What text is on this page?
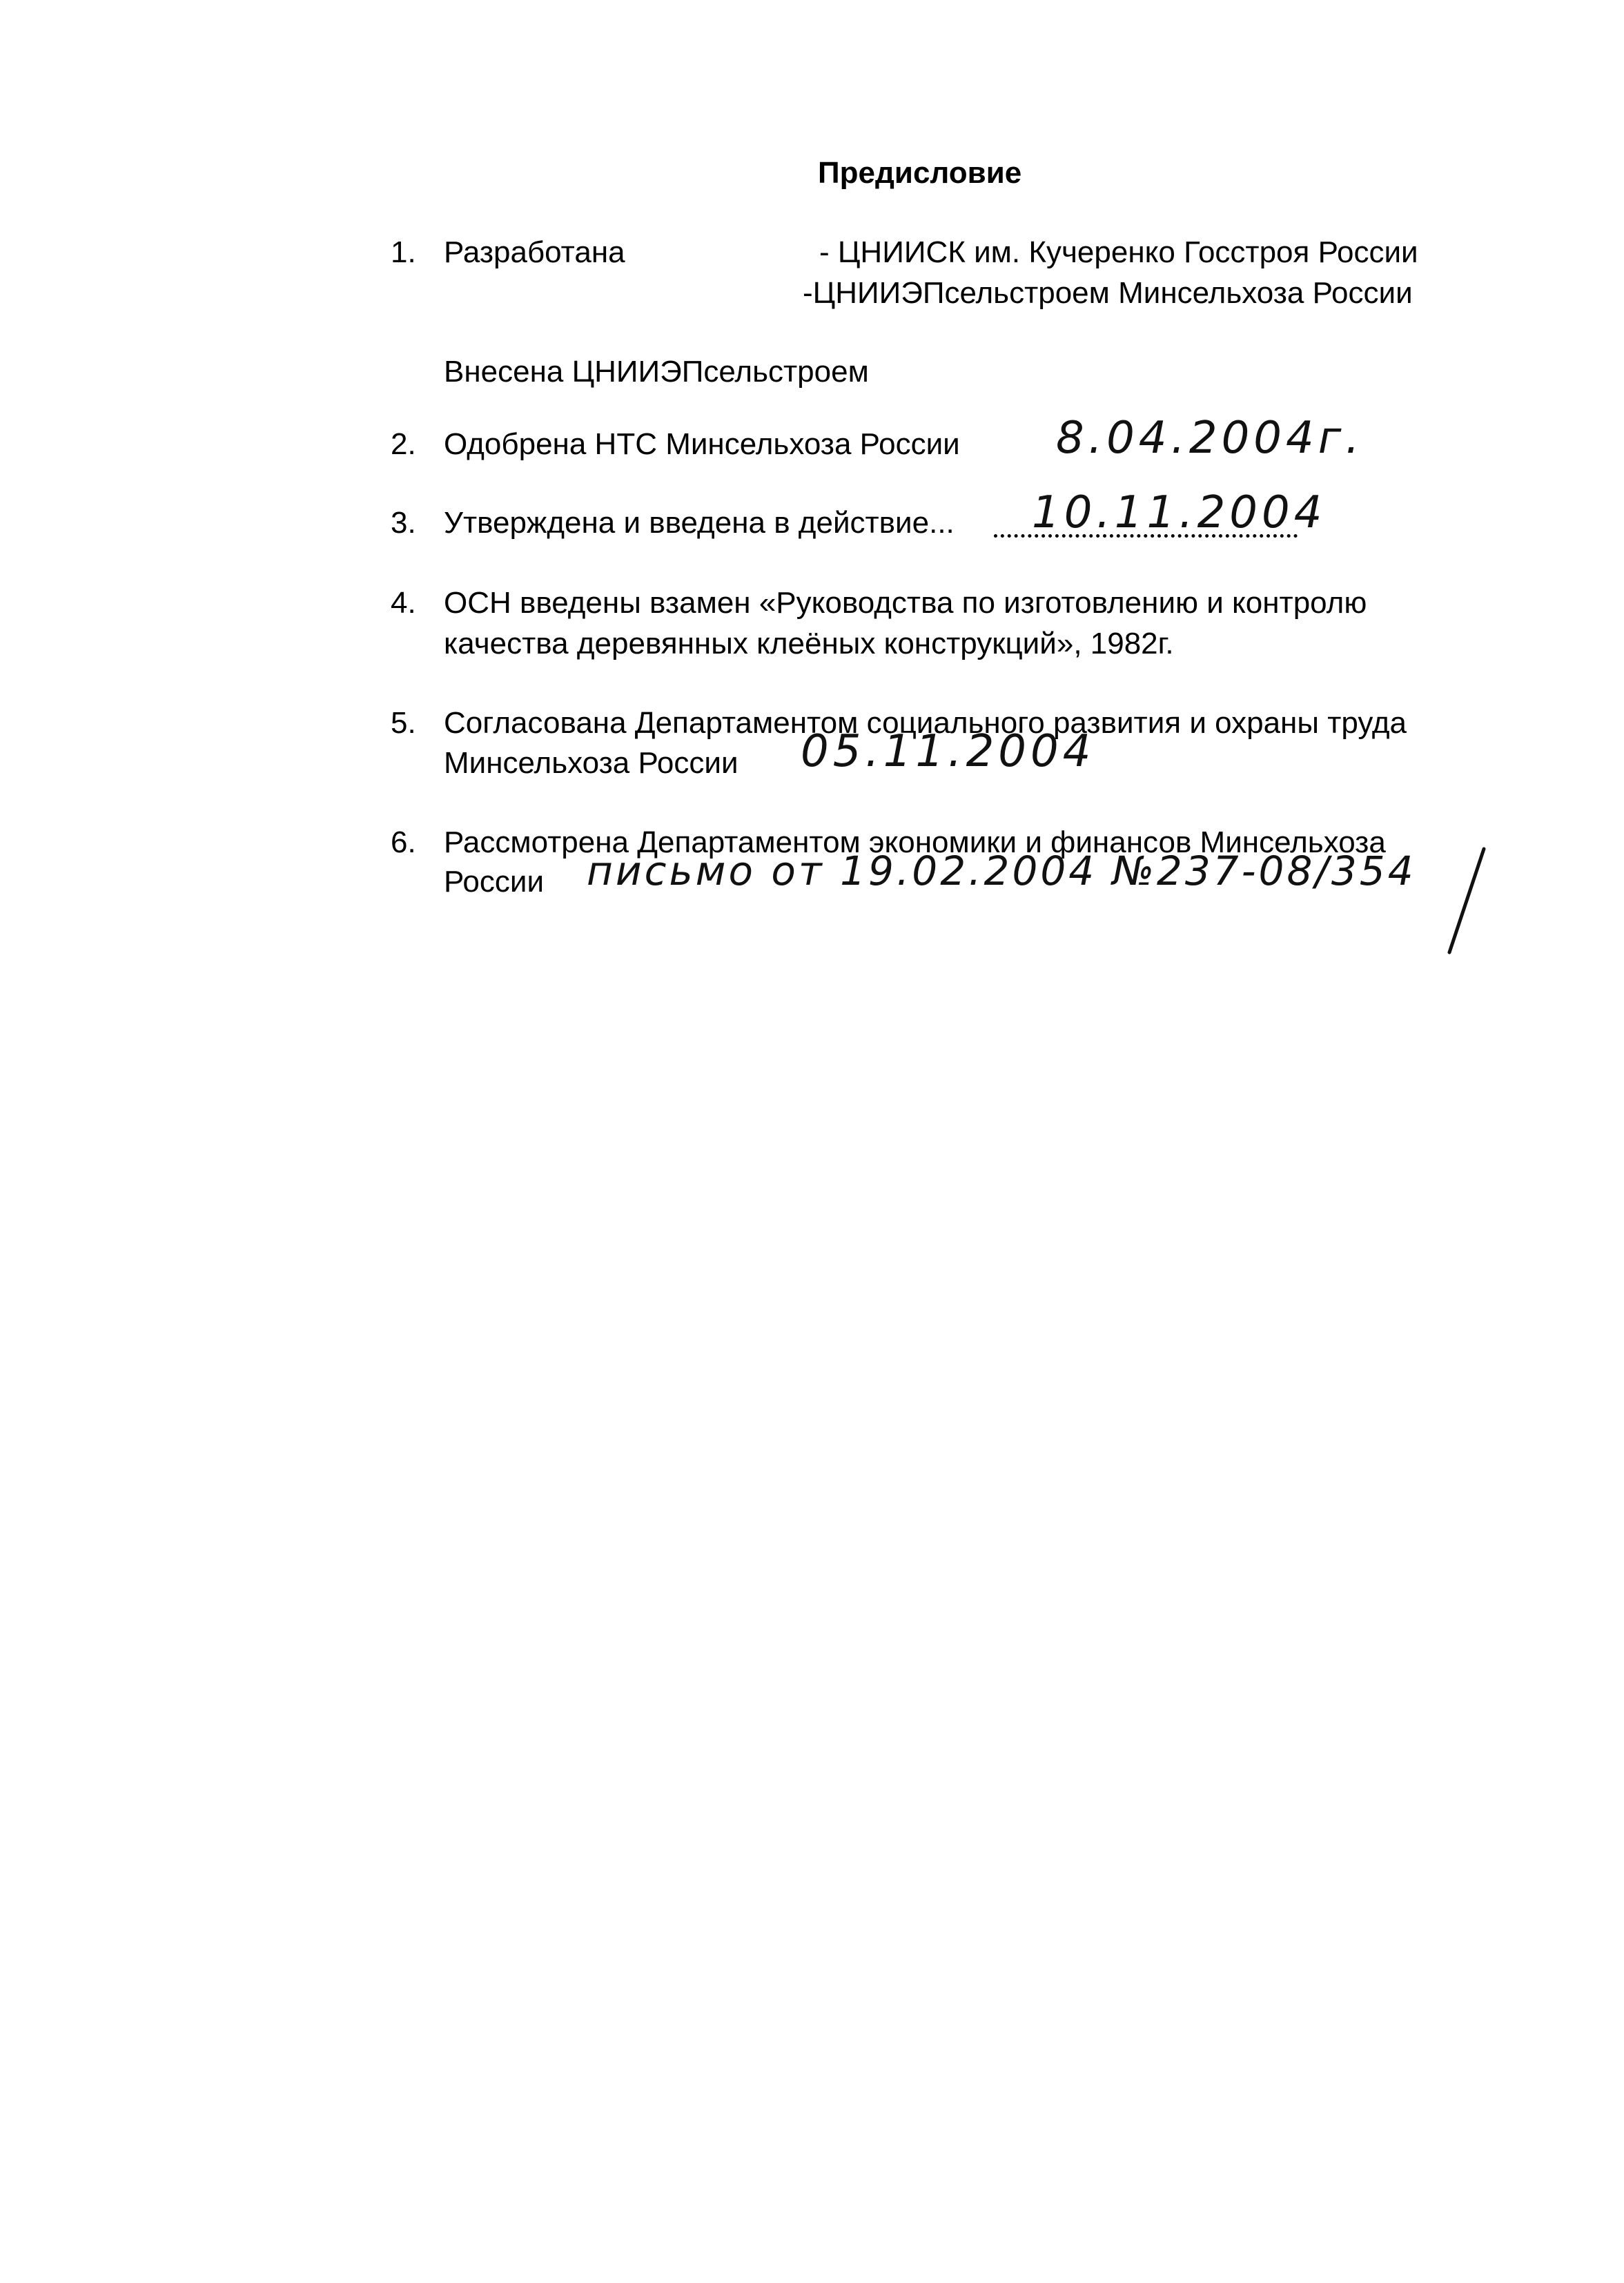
Предисловие
1. Разработана	- ЦНИИСК им. Кучеренко Госстроя России
-ЦНИИЭПсельстроем Минсельхоза России
Внесена ЦНИИЭПсельстроем
2. Одобрена НТС Минсельхоза России 8.04.2004г.
3. Утверждена и введена в действие... 10.11.2004
4. ОСН введены взамен «Руководства по изготовлению и контролю
качества деревянных клеёных конструкций», 1982г.
5. Согласована Департаментом социального развития и охраны труда
Минсельхоза России 05.11.2004
6. Рассмотрена Департаментом экономики и финансов Минсельхоза
России письмо от 19.02.2004 №237-08/354
